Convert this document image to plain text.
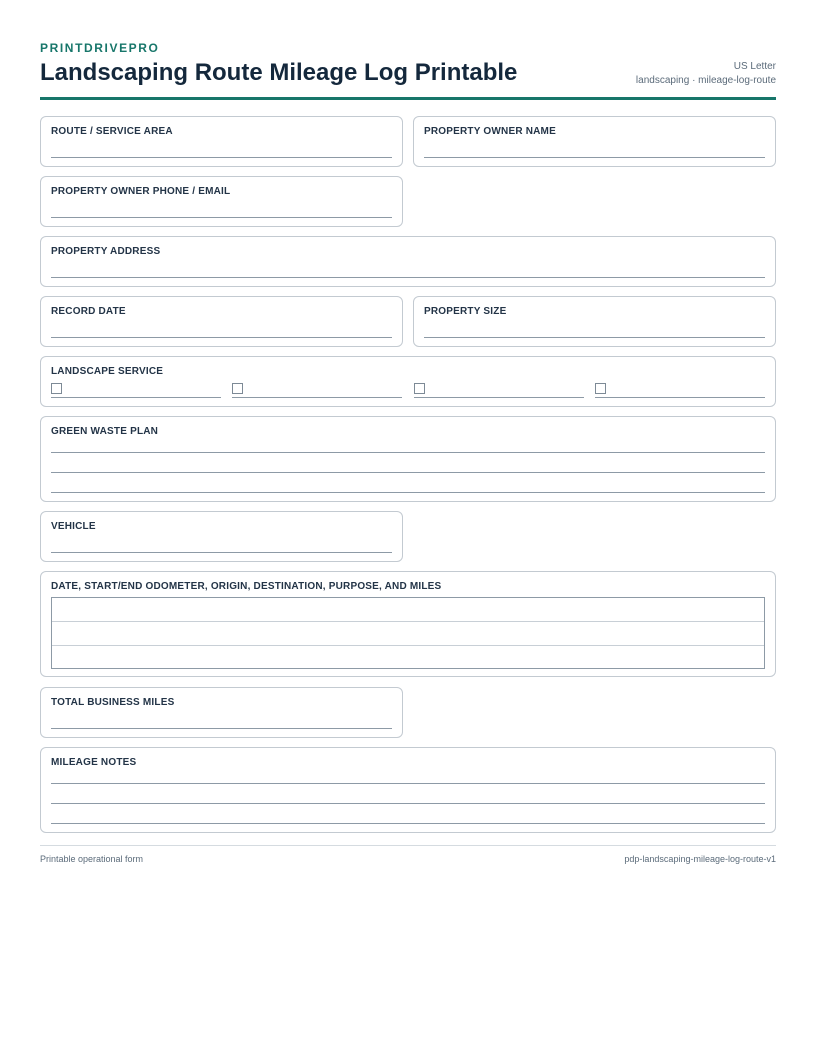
PRINTDRIVEPRO
Landscaping Route Mileage Log Printable	US Letter
landscaping · mileage-log-route
ROUTE / SERVICE AREA	PROPERTY OWNER NAME
PROPERTY OWNER PHONE / EMAIL
PROPERTY ADDRESS
RECORD DATE	PROPERTY SIZE
LANDSCAPE SERVICE
GREEN WASTE PLAN
VEHICLE
DATE, START/END ODOMETER, ORIGIN, DESTINATION, PURPOSE, AND MILES
TOTAL BUSINESS MILES
MILEAGE NOTES
Printable operational form	pdp-landscaping-mileage-log-route-v1
